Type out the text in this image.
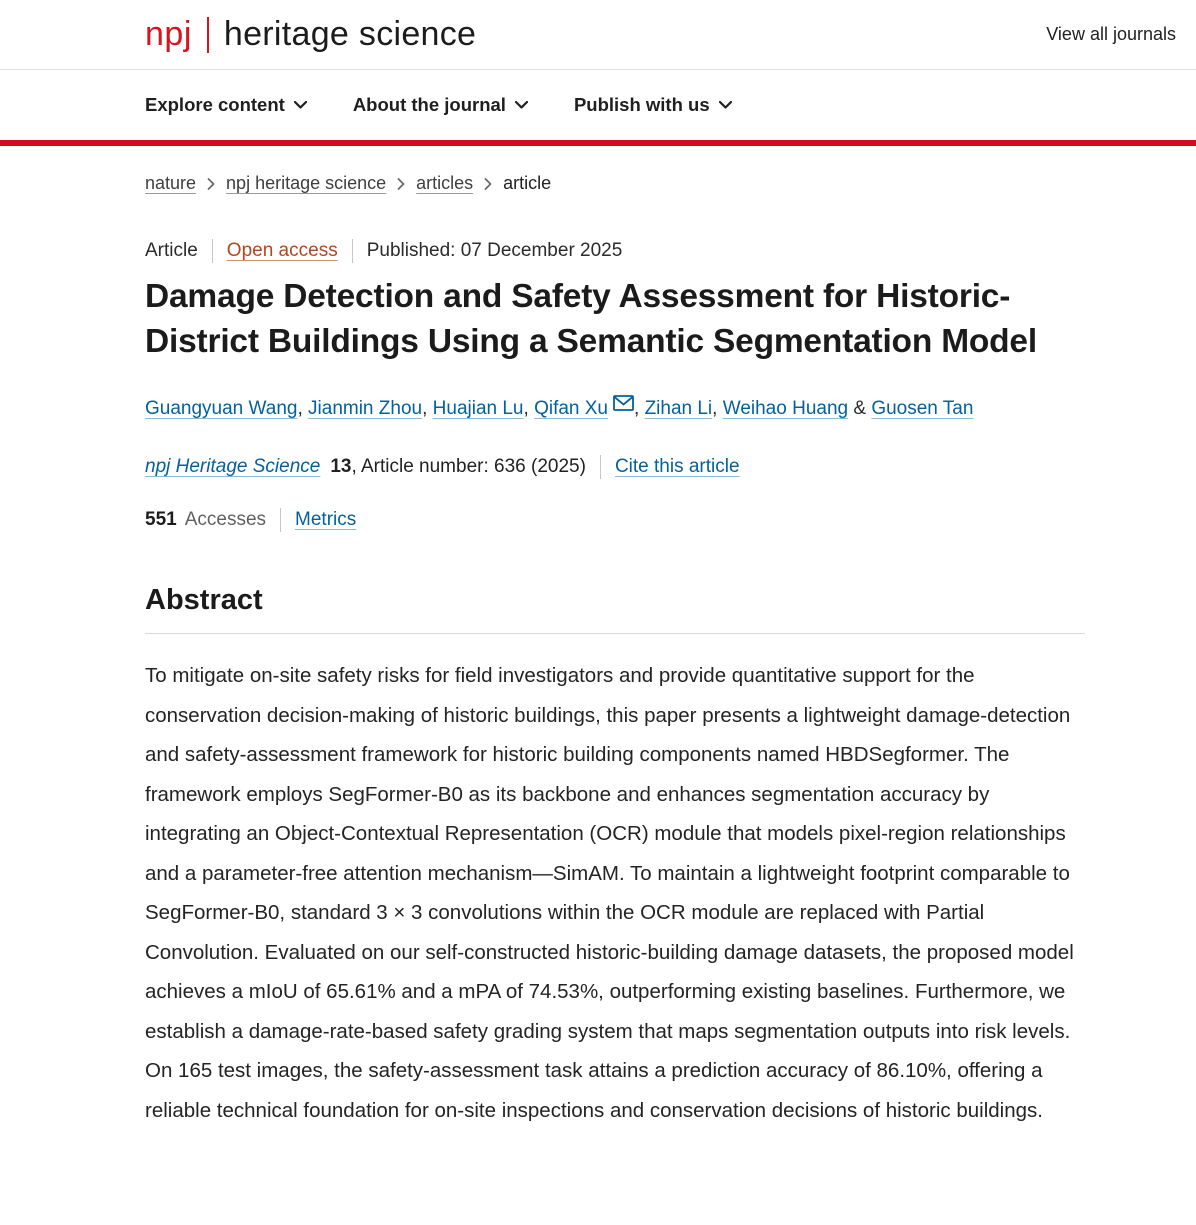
npj heritage science	View all journals
Explore content	About the journal	Publish with us
nature npj heritage science articles article
Article Open access Published: 07 December 2025
Damage Detection and Safety Assessment for Historic-District Buildings Using a Semantic Segmentation Model

Guangyuan Wang, Jianmin Zhou, Huajian Lu, Qifan Xu , Zihan Li, Weihao Huang & Guosen Tan

npj Heritage Science 13 , Article number: 636 (2025) Cite this article
551 Accesses Metrics
Abstract

To mitigate on-site safety risks for field investigators and provide quantitative support for the conservation decision-making of historic buildings, this paper presents a lightweight damage-detection and safety-assessment framework for historic building components named HBDSegformer. The framework employs SegFormer-B0 as its backbone and enhances segmentation accuracy by integrating an Object-Contextual Representation (OCR) module that models pixel-region relationships and a parameter-free attention mechanism—SimAM. To maintain a lightweight footprint comparable to SegFormer-B0, standard 3 × 3 convolutions within the OCR module are replaced with Partial Convolution. Evaluated on our self-constructed historic-building damage datasets, the proposed model achieves a mIoU of 65.61% and a mPA of 74.53%, outperforming existing baselines. Furthermore, we establish a damage-rate-based safety grading system that maps segmentation outputs into risk levels. On 165 test images, the safety-assessment task attains a prediction accuracy of 86.10%, offering a reliable technical foundation for on-site inspections and conservation decisions of historic buildings.
